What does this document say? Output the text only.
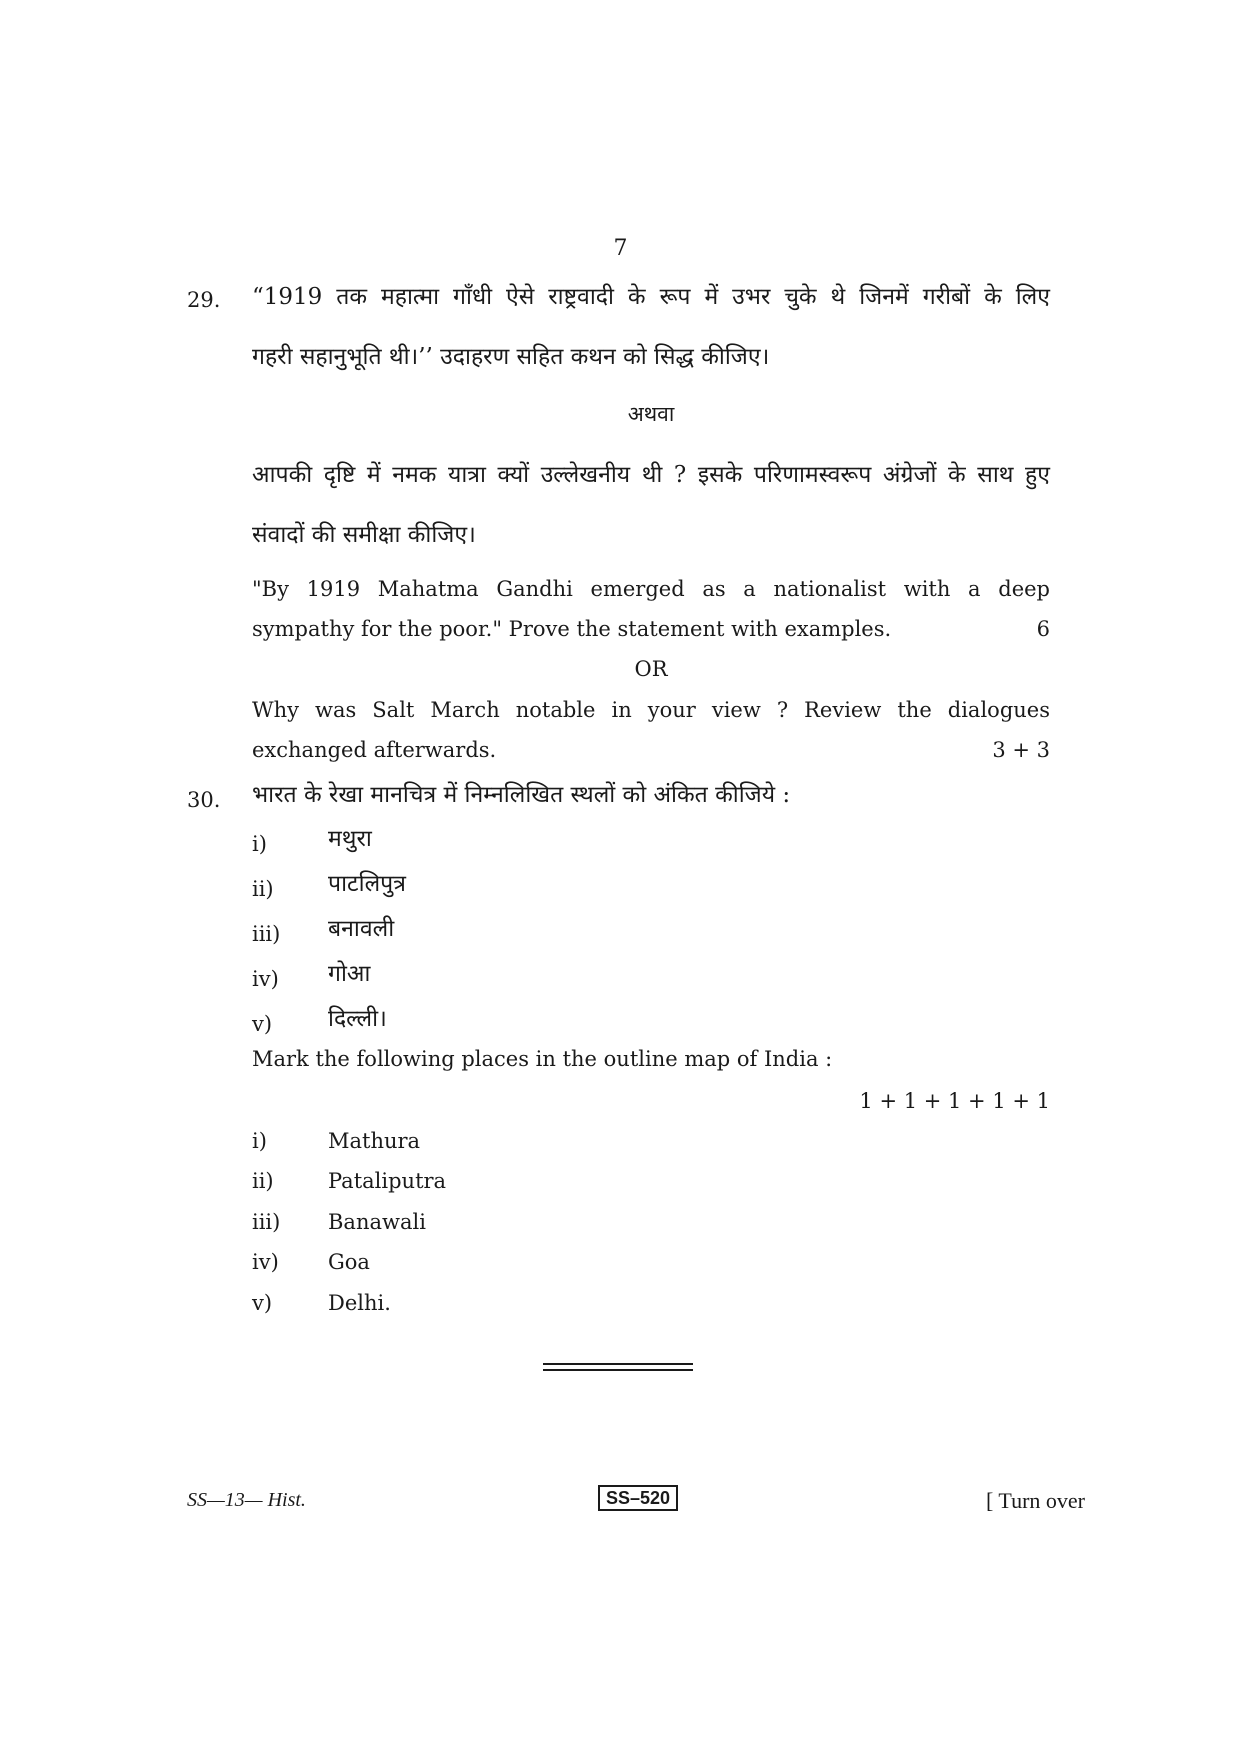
7
29.	“1919 तक महात्मा गाँधी ऐसे राष्ट्रवादी के रूप में उभर चुके थे जिनमें गरीबों के लिए
गहरी सहानुभूति थी।’’ उदाहरण सहित कथन को सिद्ध कीजिए।
अथवा
आपकी दृष्टि में नमक यात्रा क्यों उल्लेखनीय थी ? इसके परिणामस्वरूप अंग्रेजों के साथ हुए
संवादों की समीक्षा कीजिए।
"By 1919 Mahatma Gandhi emerged as a nationalist with a deep
sympathy for the poor." Prove the statement with examples.	6
OR
Why was Salt March notable in your view ? Review the dialogues
exchanged afterwards.	3 + 3
30.	भारत के रेखा मानचित्र में निम्नलिखित स्थलों को अंकित कीजिये :
i)	मथुरा
ii)	पाटलिपुत्र
iii)	बनावली
iv)	गोआ
v)	दिल्ली।
Mark the following places in the outline map of India :
1 + 1 + 1 + 1 + 1
i)	Mathura
ii)	Pataliputra
iii)	Banawali
iv)	Goa
v)	Delhi.
SS—13— Hist.	SS–520	[ Turn over
